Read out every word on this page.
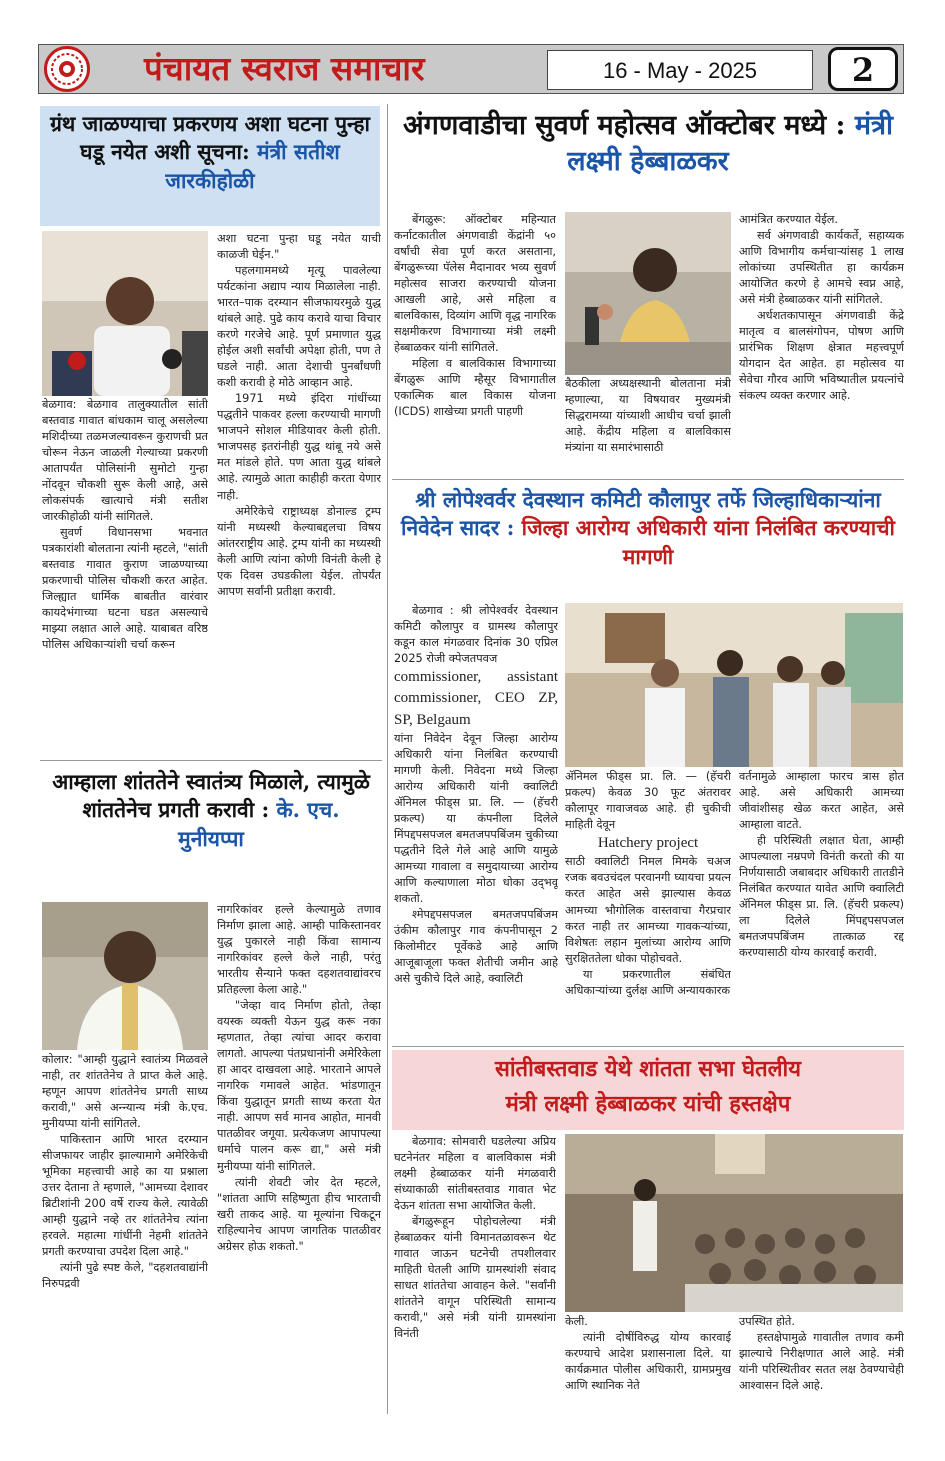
पंचायत स्वराज समाचार	16 - May - 2025	2
ग्रंथ जाळण्याचा प्रकरणय अशा घटना पुन्हा घडू नयेत अशी सूचना: मंत्री सतीश जारकीहोळी

बेळगाव: बेळगाव तालुक्यातील सांती बस्तवाड गावात बांधकाम चालू असलेल्या मशिदीच्या तळमजल्यावरून कुराणची प्रत चोरून नेऊन जाळली गेल्याच्या प्रकरणी आतापर्यंत पोलिसांनी सुमोटो गुन्हा नोंदवून चौकशी सुरू केली आहे, असे लोकसंपर्क खात्याचे मंत्री सतीश जारकीहोळी यांनी सांगितले.

सुवर्ण विधानसभा भवनात पत्रकारांशी बोलताना त्यांनी म्हटले, "सांती बस्तवाड गावात कुराण जाळण्याच्या प्रकरणाची पोलिस चौकशी करत आहेत. जिल्ह्यात धार्मिक बाबतीत वारंवार कायदेभंगाच्या घटना घडत असल्याचे माझ्या लक्षात आले आहे. याबाबत वरिष्ठ पोलिस अधिकाऱ्यांशी चर्चा करून

अशा घटना पुन्हा घडू नयेत याची काळजी घेईन."

पहलगाममध्ये मृत्यू पावलेल्या पर्यटकांना अद्याप न्याय मिळालेला नाही. भारत–पाक दरम्यान सीजफायरमुळे युद्ध थांबले आहे. पुढे काय करावे याचा विचार करणे गरजेचे आहे. पूर्ण प्रमाणात युद्ध होईल अशी सर्वांची अपेक्षा होती, पण ते घडले नाही. आता देशाची पुनर्बांधणी कशी करावी हे मोठे आव्हान आहे.

1971 मध्ये इंदिरा गांधींच्या पद्धतीने पाकवर हल्ला करण्याची मागणी भाजपने सोशल मीडियावर केली होती. भाजपसह इतरांनीही युद्ध थांबू नये असे मत मांडले होते. पण आता युद्ध थांबले आहे. त्यामुळे आता काहीही करता येणार नाही.

अमेरिकेचे राष्ट्राध्यक्ष डोनाल्ड ट्रम्प यांनी मध्यस्थी केल्याबद्दलचा विषय आंतरराष्ट्रीय आहे. ट्रम्प यांनी का मध्यस्थी केली आणि त्यांना कोणी विनंती केली हे एक दिवस उघडकीला येईल. तोपर्यंत आपण सर्वांनी प्रतीक्षा करावी.

अंगणवाडीचा सुवर्ण महोत्सव ऑक्टोबर मध्ये : मंत्री लक्ष्मी हेब्बाळकर

बेंगळुरू: ऑक्टोबर महिन्यात कर्नाटकातील अंगणवाडी केंद्रांनी ५० वर्षांची सेवा पूर्ण करत असताना, बेंगळुरूच्या पॅलेस मैदानावर भव्य सुवर्ण महोत्सव साजरा करण्याची योजना आखली आहे, असे महिला व बालविकास, दिव्यांग आणि वृद्ध नागरिक सक्षमीकरण विभागाच्या मंत्री लक्ष्मी हेब्बाळकर यांनी सांगितले.

महिला व बालविकास विभागाच्या बेंगळुरू आणि म्हैसूर विभागातील एकात्मिक बाल विकास योजना (ICDS) शाखेच्या प्रगती पाहणी

बैठकीला अध्यक्षस्थानी बोलताना मंत्री म्हणाल्या, या विषयावर मुख्यमंत्री सिद्धरामय्या यांच्याशी आधीच चर्चा झाली आहे. केंद्रीय महिला व बालविकास मंत्र्यांना या समारंभासाठी

आमंत्रित करण्यात येईल.

सर्व अंगणवाडी कार्यकर्ते, सहाय्यक आणि विभागीय कर्मचाऱ्यांसह 1 लाख लोकांच्या उपस्थितीत हा कार्यक्रम आयोजित करणे हे आमचे स्वप्न आहे, असे मंत्री हेब्बाळकर यांनी सांगितले.

अर्धशतकापासून अंगणवाडी केंद्रे मातृत्व व बालसंगोपन, पोषण आणि प्रारंभिक शिक्षण क्षेत्रात महत्त्वपूर्ण योगदान देत आहेत. हा महोत्सव या सेवेचा गौरव आणि भविष्यातील प्रयत्नांचे संकल्प व्यक्त करणार आहे.

श्री लोपेश्वर्वर देवस्थान कमिटी कौलापुर तर्फे जिल्हाधिकाऱ्यांना निवेदेन सादर : जिल्हा आरोग्य अधिकारी यांना निलंबित करण्याची मागणी

बेळगाव : श्री लोपेश्वर्वर देवस्थान कमिटी कौलापुर व ग्रामस्थ कौलापुर कडून काल मंगळवार दिनांक 30 एप्रिल 2025 रोजी क्पेजतपवज

commissioner, assistant commissioner, CEO ZP, SP, Belgaum

यांना निवेदेन देवून जिल्हा आरोग्य अधिकारी यांना निलंबित करण्याची मागणी केली. निवेदना मध्ये जिल्हा आरोग्य अधिकारी यांनी क्वालिटी ॲनिमल फीड्स प्रा. लि. — (हॅचरी प्रकल्प) या कंपनीला दिलेले मिंपद्दपसपजल बमतजपपबिंजम चुकीच्या पद्धतीने दिले गेले आहे आणि यामुळे आमच्या गावाला व समुदायाच्या आरोग्य आणि कल्याणाला मोठा धोका उद्‌भवू शकतो.

श्मेपद्दपसपजल बमतजपपबिंजम उंकीम कौलापुर गाव कंपनीपासून 2 किलोमीटर पूर्वेकडे आहे आणि आजूबाजूला फक्त शेतीची जमीन आहे असे चुकीचे दिले आहे, क्वालिटी

ॲनिमल फीड्स प्रा. लि. — (हॅचरी प्रकल्प) केवळ 30 फूट अंतरावर कौलापूर गावाजवळ आहे. ही चुकीची माहिती देवून

Hatchery project

साठी क्वालिटी निमल मिमके चअज रजक बवउचंदल परवानगी घ्यायचा प्रयत्न करत आहेत असे झाल्यास केवळ आमच्या भौगोलिक वास्तवाचा गैरप्रचार करत नाही तर आमच्या गावकऱ्यांच्या, विशेषतः लहान मुलांच्या आरोग्य आणि सुरक्षिततेला धोका पोहोचवते.

या प्रकरणातील संबंधित अधिकाऱ्यांच्या दुर्लक्ष आणि अन्यायकारक

वर्तनामुळे आम्हाला फारच त्रास होत आहे. असे अधिकारी आमच्या जीवांशीसह खेळ करत आहेत, असे आम्हाला वाटते.

ही परिस्थिती लक्षात घेता, आम्ही आपल्याला नम्रपणे विनंती करतो की या निर्णयासाठी जबाबदार अधिकारी तातडीने निलंबित करण्यात यावेत आणि क्वालिटी ॲनिमल फीड्स प्रा. लि. (हॅचरी प्रकल्प) ला दिलेले मिंपद्दपसपजल बमतजपपबिंजम तात्काळ रद्द करण्यासाठी योग्य कारवाई करावी.

आम्हाला शांततेने स्वातंत्र्य मिळाले, त्यामुळे शांततेनेच प्रगती करावी : के. एच. मुनीयप्पा

कोलार: "आम्ही युद्धाने स्वातंत्र्य मिळवले नाही, तर शांततेनेच ते प्राप्त केले आहे. म्हणून आपण शांततेनेच प्रगती साध्य करावी," असे अन्न्यान्य मंत्री के.एच. मुनीयप्पा यांनी सांगितले.

पाकिस्तान आणि भारत दरम्यान सीजफायर जाहीर झाल्यामागे अमेरिकेची भूमिका महत्त्वाची आहे का या प्रश्नाला उत्तर देताना ते म्हणाले, "आमच्या देशावर ब्रिटीशांनी 200 वर्षे राज्य केले. त्यावेळी आम्ही युद्धाने नव्हे तर शांततेनेच त्यांना हरवले. महात्मा गांधींनी नेहमी शांततेने प्रगती करण्याचा उपदेश दिला आहे."

त्यांनी पुढे स्पष्ट केले, "दहशतवाद्यांनी निरुपद्रवी

नागरिकांवर हल्ले केल्यामुळे तणाव निर्माण झाला आहे. आम्ही पाकिस्तानवर युद्ध पुकारले नाही किंवा सामान्य नागरिकांवर हल्ले केले नाही, परंतु भारतीय सैन्याने फक्त दहशतवाद्यांवरच प्रतिहल्ला केला आहे."

"जेव्हा वाद निर्माण होतो, तेव्हा वयस्क व्यक्ती येऊन युद्ध करू नका म्हणतात, तेव्हा त्यांचा आदर करावा लागतो. आपल्या पंतप्रधानांनी अमेरिकेला हा आदर दाखवला आहे. भारताने आपले नागरिक गमावले आहेत. भांडणातून किंवा युद्धातून प्रगती साध्य करता येत नाही. आपण सर्व मानव आहोत, मानवी पातळीवर जगूया. प्रत्येकजण आपापल्या धर्माचे पालन करू द्या," असे मंत्री मुनीयप्पा यांनी सांगितले.

त्यांनी शेवटी जोर देत म्हटले, "शांतता आणि सहिष्णुता हीच भारताची खरी ताकद आहे. या मूल्यांना चिकटून राहिल्यानेच आपण जागतिक पातळीवर अग्रेसर होऊ शकतो."

सांतीबस्तवाड येथे शांतता सभा घेतलीय
मंत्री लक्ष्मी हेब्बाळकर यांची हस्तक्षेप

बेळगाव: सोमवारी घडलेल्या अप्रिय घटनेनंतर महिला व बालविकास मंत्री लक्ष्मी हेब्बाळकर यांनी मंगळवारी संध्याकाळी सांतीबस्तवाड गावात भेट देऊन शांतता सभा आयोजित केली.

बेंगळुरूहून पोहोचलेल्या मंत्री हेब्बाळकर यांनी विमानतळावरून थेट गावात जाऊन घटनेची तपशीलवार माहिती घेतली आणि ग्रामस्थांशी संवाद साधत शांततेचा आवाहन केले. "सर्वांनी शांततेने वागून परिस्थिती सामान्य करावी," असे मंत्री यांनी ग्रामस्थांना विनंती

केली.

त्यांनी दोषींविरुद्ध योग्य कारवाई करण्याचे आदेश प्रशासनाला दिले. या कार्यक्रमात पोलीस अधिकारी, ग्रामप्रमुख आणि स्थानिक नेते

उपस्थित होते.

हस्तक्षेपामुळे गावातील तणाव कमी झाल्याचे निरीक्षणात आले आहे. मंत्री यांनी परिस्थितीवर सतत लक्ष ठेवण्याचेही आश्वासन दिले आहे.
